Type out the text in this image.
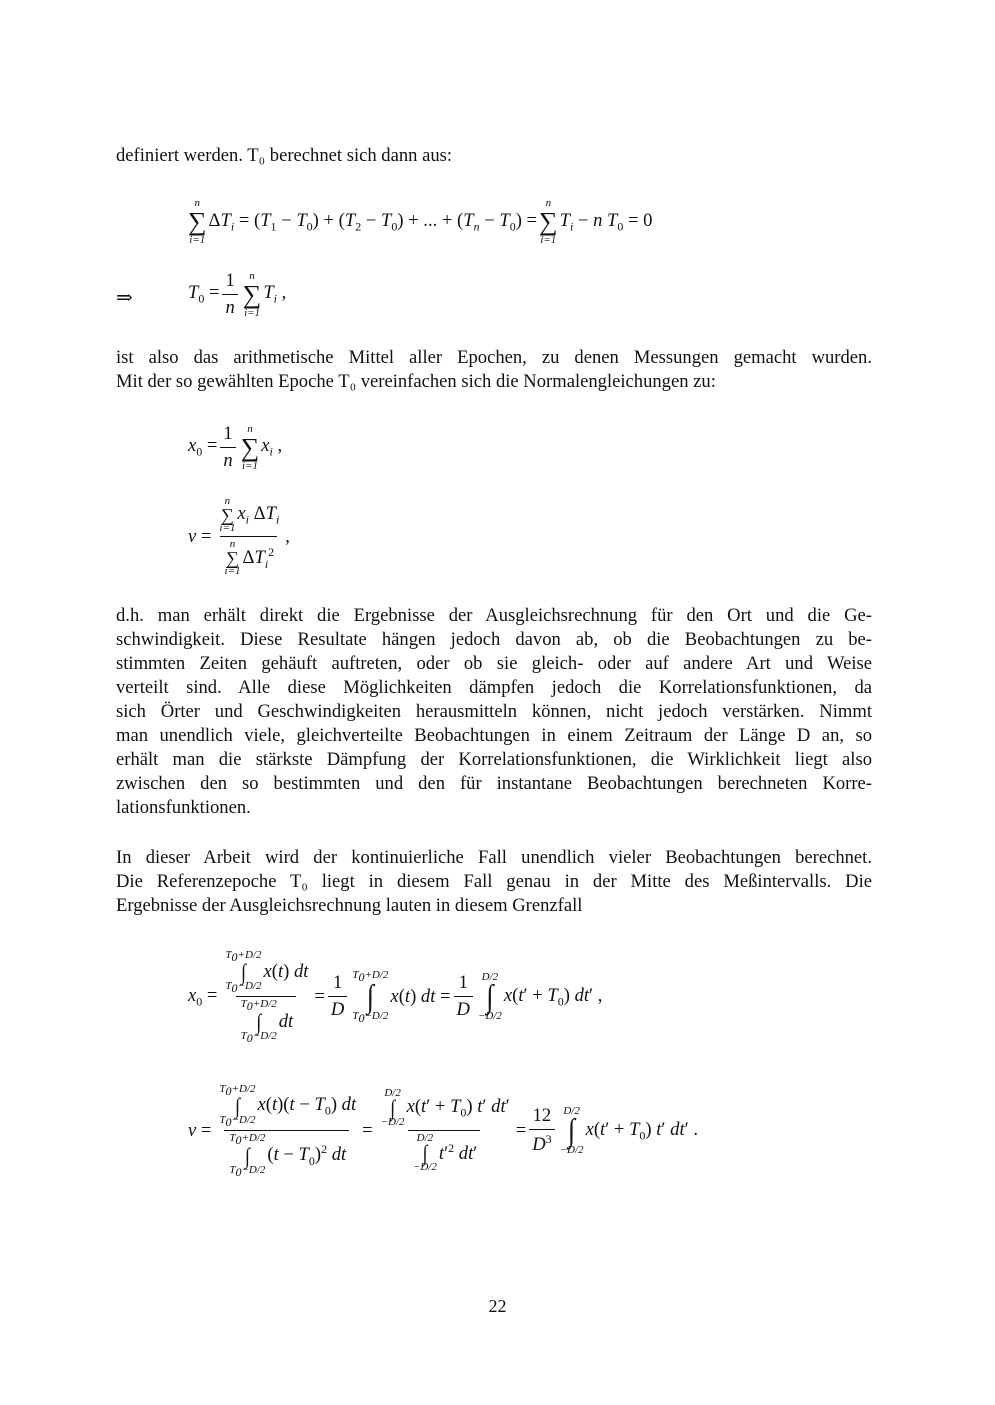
definiert werden. T₀ berechnet sich dann aus:
n
∑
i=1
$\Delta T_i = (T_1 - T_0) + (T_2 - T_0)$ + ... + $(T_n - T_0)$ =
n
∑
i=1
$T_i - n$ $T_0 = 0$
⇒	$T_0 = \frac{1}{n}$ n
∑
i=1
$T_i$ ,
ist also das arithmetische Mittel aller Epochen, zu denen Messungen gemacht wurden.
Mit der so gewählten Epoche T₀ vereinfachen sich die Normalengleichungen zu:
$x_0 = \frac{1}{n}$ n
∑
i=1
$x_i$ ,
v = n
∑
i=1
$x_i$ $\Delta T_i$
n
∑
i=1
$\Delta T_i^2$ ,
d.h. man erhält direkt die Ergebnisse der Ausgleichsrechnung für den Ort und die Ge-
schwindigkeit. Diese Resultate hängen jedoch davon ab, ob die Beobachtungen zu be-
stimmten Zeiten gehäuft auftreten, oder ob sie gleich- oder auf andere Art und Weise
verteilt sind. Alle diese Möglichkeiten dämpfen jedoch die Korrelationsfunktionen, da
sich Örter und Geschwindigkeiten herausmitteln können, nicht jedoch verstärken. Nimmt
man unendlich viele, gleichverteilte Beobachtungen in einem Zeitraum der Länge D an, so
erhält man die stärkste Dämpfung der Korrelationsfunktionen, die Wirklichkeit liegt also
zwischen den so bestimmten und den für instantane Beobachtungen berechneten Korre-
lationsfunktionen.
In dieser Arbeit wird der kontinuierliche Fall unendlich vieler Beobachtungen berechnet.
Die Referenzepoche T₀ liegt in diesem Fall genau in der Mitte des Meßintervalls. Die
Ergebnisse der Ausgleichsrechnung lauten in diesem Grenzfall
$x_0 = T_0+D/2$
∫
$T_0-D/2$
x(t) dt
$T_0+D/2$
∫
$T_0-D/2$
dt = $\frac{1}{D} T_0+D/2$
∫
$T_0-D/2$
x(t) dt = $\frac{1}{D} D/2$
∫
−D/2
$x(t' + T_0)$ dt′ ,
$v = T_0+D/2$
∫
$T_0-D/2$
$x(t)(t - T_0)$ dt
$T_0+D/2$
∫
$T_0-D/2$
$(t - T_0)^2$ dt = D/2
∫
−D/2
$x(t' + T_0)$ t′ dt′
D/2
∫
−D/2
$t'^2$ $dt' = \frac{12}{D^3} D/2$
∫
−D/2
$x(t' + T_0)$ t′ dt′ .
22
